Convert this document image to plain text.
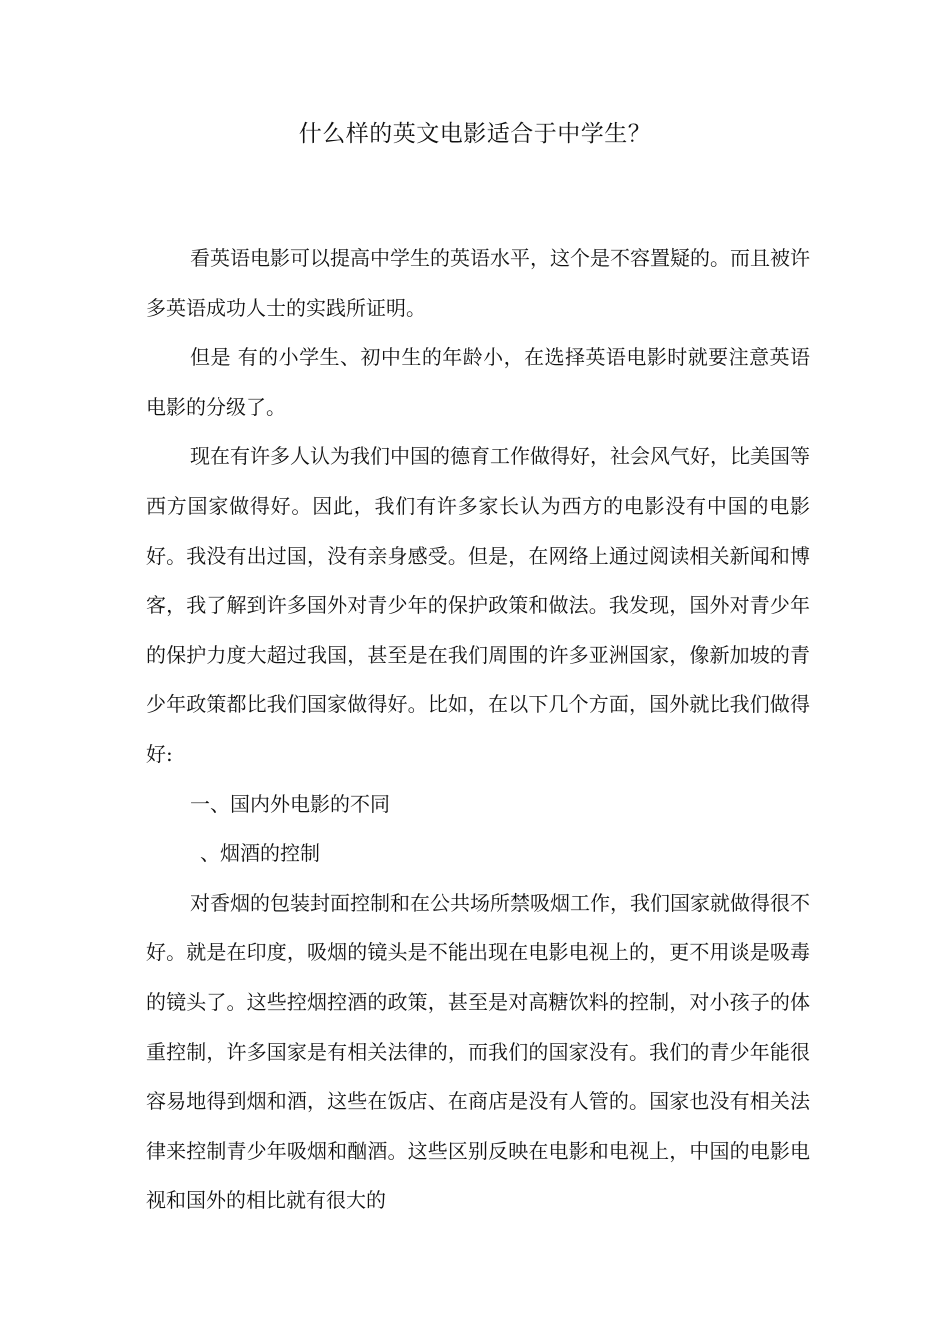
什么样的英文电影适合于中学生？

看英语电影可以提高中学生的英语水平，这个是不容置疑的。而且被许多英语成功人士的实践所证明。

但是 有的小学生、初中生的年龄小，在选择英语电影时就要注意英语电影的分级了。

现在有许多人认为我们中国的德育工作做得好，社会风气好，比美国等西方国家做得好。因此，我们有许多家长认为西方的电影没有中国的电影好。我没有出过国，没有亲身感受。但是，在网络上通过阅读相关新闻和博客，我了解到许多国外对青少年的保护政策和做法。我发现，国外对青少年的保护力度大超过我国，甚至是在我们周围的许多亚洲国家，像新加坡的青少年政策都比我们国家做得好。比如，在以下几个方面，国外就比我们做得好:

一、国内外电影的不同

、烟酒的控制

对香烟的包装封面控制和在公共场所禁吸烟工作，我们国家就做得很不好。就是在印度，吸烟的镜头是不能出现在电影电视上的，更不用谈是吸毒的镜头了。这些控烟控酒的政策，甚至是对高糖饮料的控制，对小孩子的体重控制，许多国家是有相关法律的，而我们的国家没有。我们的青少年能很容易地得到烟和酒，这些在饭店、在商店是没有人管的。国家也没有相关法律来控制青少年吸烟和酗酒。这些区别反映在电影和电视上，中国的电影电视和国外的相比就有很大的
